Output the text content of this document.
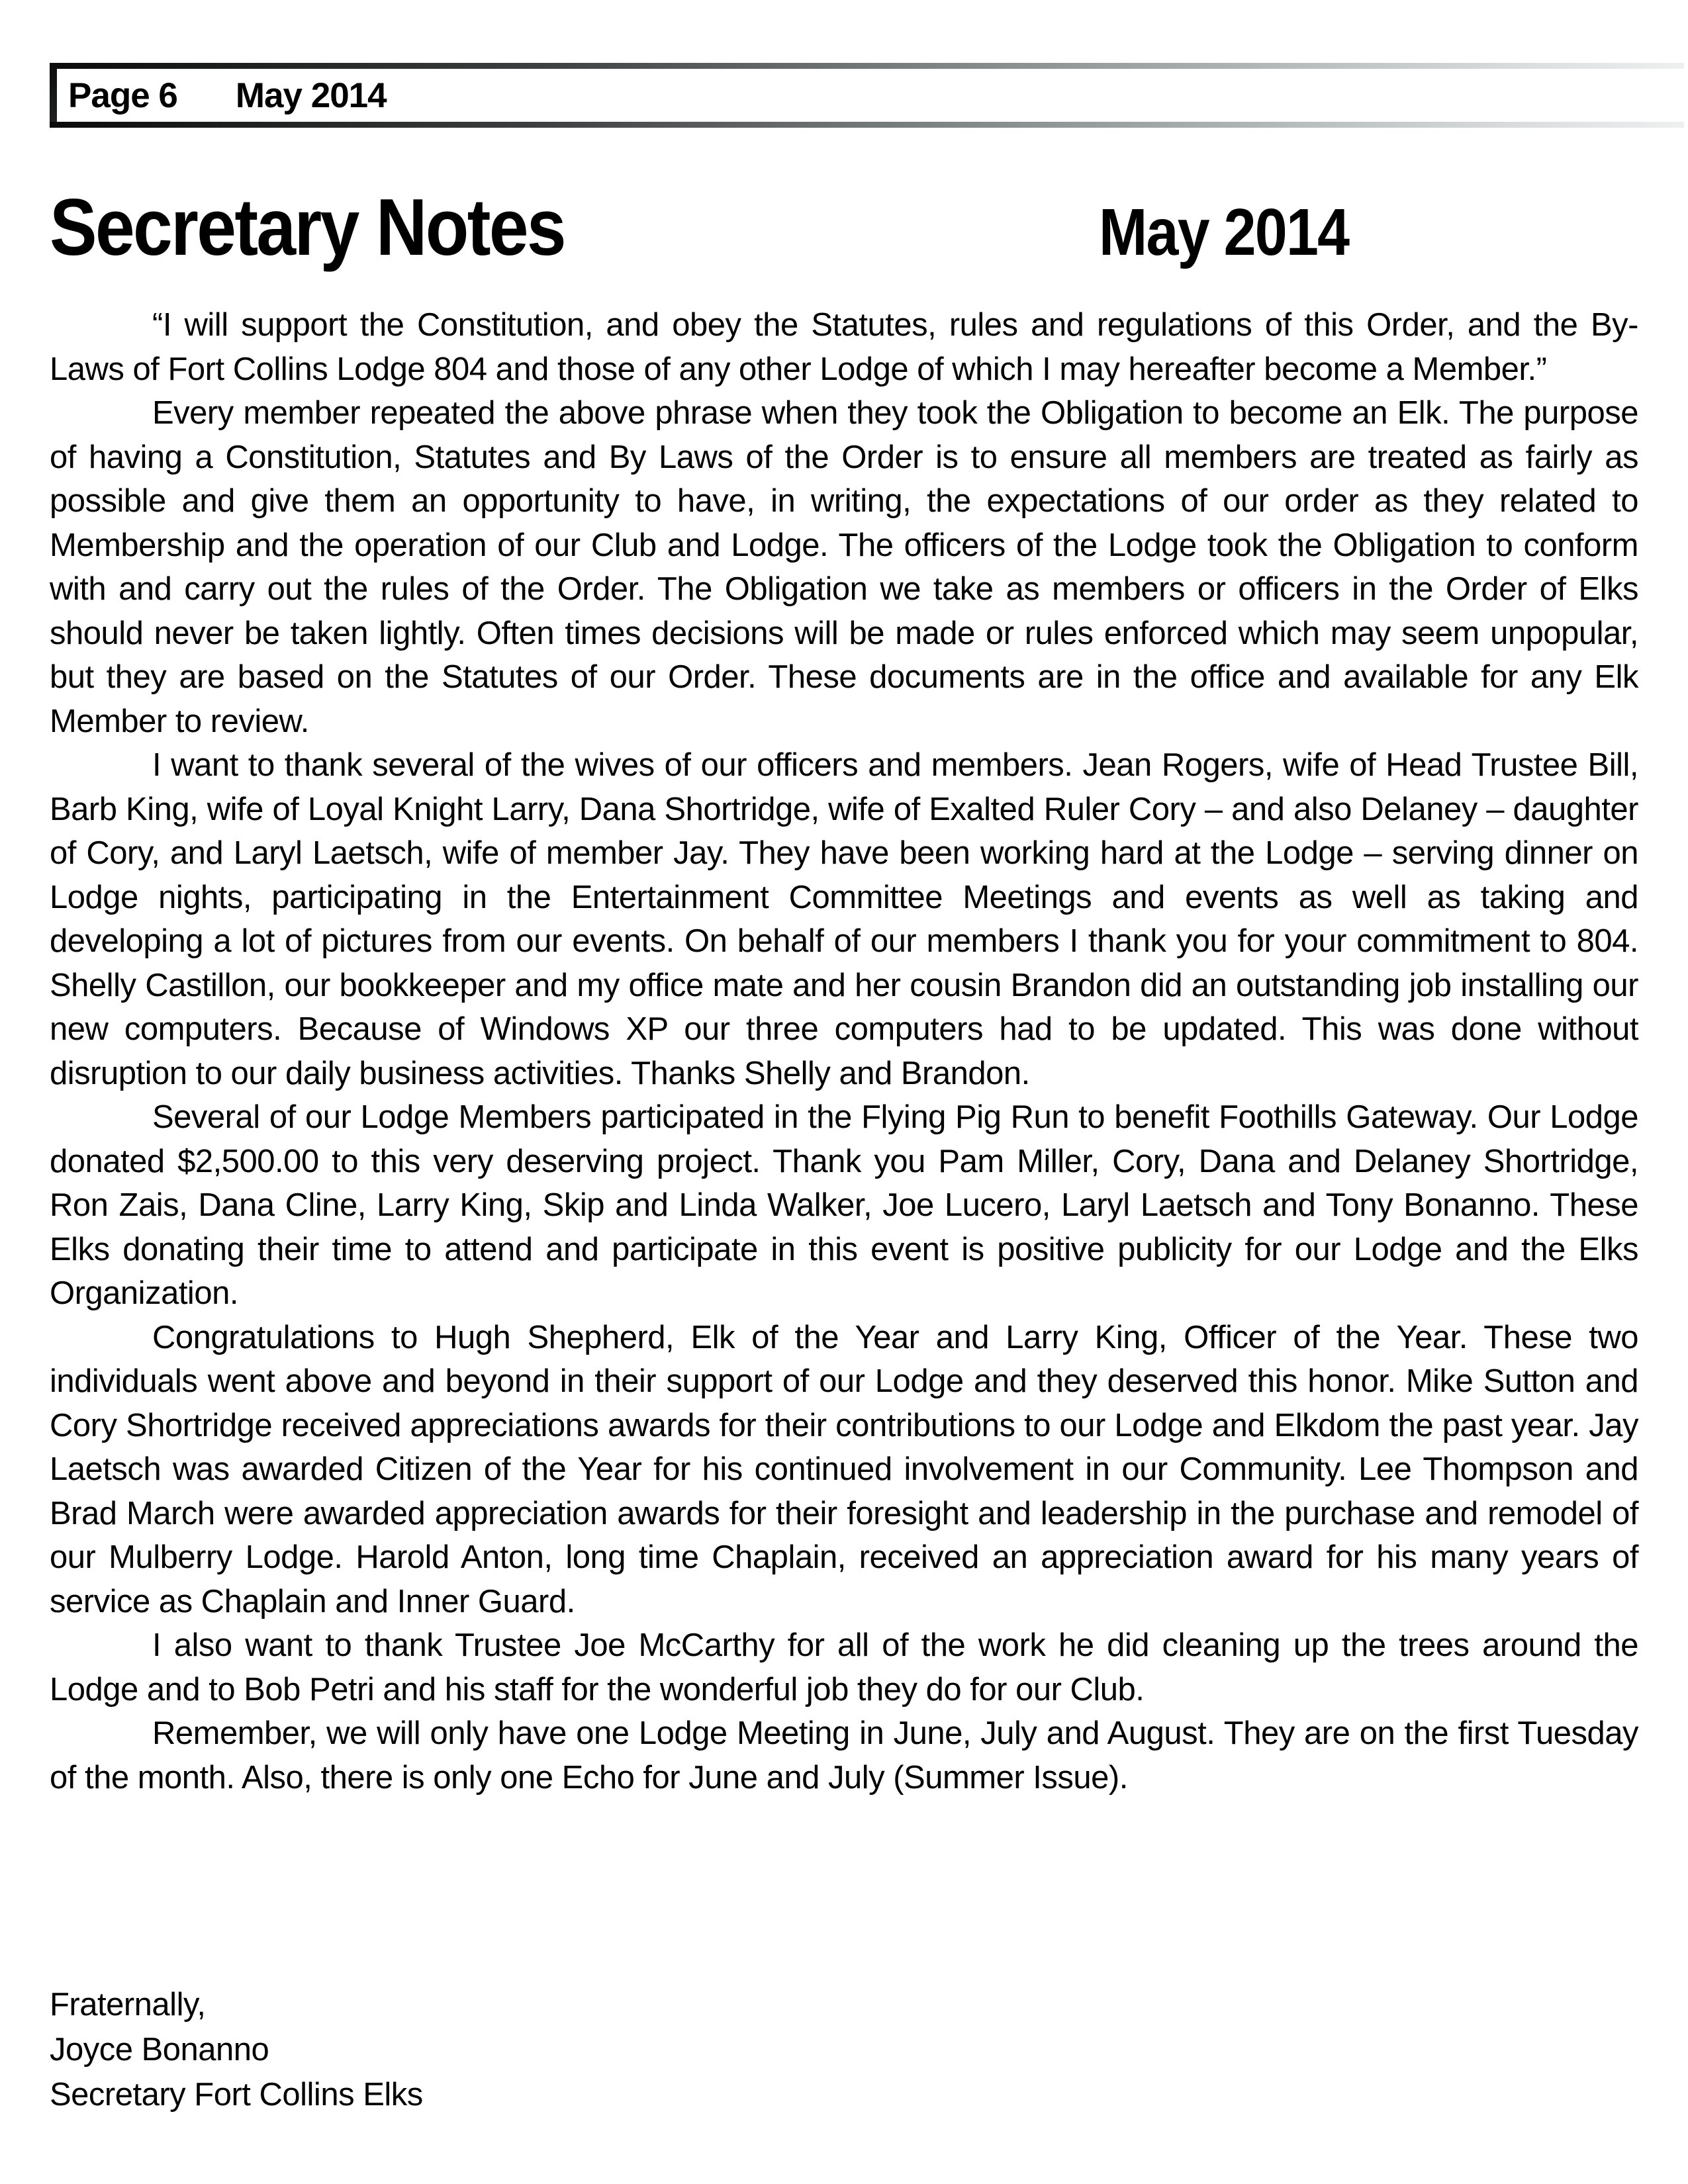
Page 6 May 2014
Secretary Notes	May 2014

“I will support the Constitution, and obey the Statutes, rules and regulations of this Order, and the By-Laws of Fort Collins Lodge 804 and those of any other Lodge of which I may hereafter become a Member.”

Every member repeated the above phrase when they took the Obligation to become an Elk. The purpose of having a Constitution, Statutes and By Laws of the Order is to ensure all members are treated as fairly as possible and give them an opportunity to have, in writing, the expectations of our order as they related to Membership and the operation of our Club and Lodge. The officers of the Lodge took the Obligation to conform with and carry out the rules of the Order. The Obligation we take as members or officers in the Order of Elks should never be taken lightly. Often times decisions will be made or rules enforced which may seem unpopular, but they are based on the Statutes of our Order. These documents are in the office and available for any Elk Member to review.

I want to thank several of the wives of our officers and members. Jean Rogers, wife of Head Trustee Bill, Barb King, wife of Loyal Knight Larry, Dana Shortridge, wife of Exalted Ruler Cory – and also Delaney – daughter of Cory, and Laryl Laetsch, wife of member Jay. They have been working hard at the Lodge – serving dinner on Lodge nights, participating in the Entertainment Committee Meetings and events as well as taking and developing a lot of pictures from our events. On behalf of our members I thank you for your commitment to 804. Shelly Castillon, our bookkeeper and my office mate and her cousin Brandon did an outstanding job installing our new computers. Because of Windows XP our three computers had to be updated. This was done without disruption to our daily business activities. Thanks Shelly and Brandon.

Several of our Lodge Members participated in the Flying Pig Run to benefit Foothills Gateway. Our Lodge donated $2,500.00 to this very deserving project. Thank you Pam Miller, Cory, Dana and Delaney Shortridge, Ron Zais, Dana Cline, Larry King, Skip and Linda Walker, Joe Lucero, Laryl Laetsch and Tony Bonanno. These Elks donating their time to attend and participate in this event is positive publicity for our Lodge and the Elks Organization.

Congratulations to Hugh Shepherd, Elk of the Year and Larry King, Officer of the Year. These two individuals went above and beyond in their support of our Lodge and they deserved this honor. Mike Sutton and Cory Shortridge received appreciations awards for their contributions to our Lodge and Elkdom the past year. Jay Laetsch was awarded Citizen of the Year for his continued involvement in our Community. Lee Thompson and Brad March were awarded appreciation awards for their foresight and leadership in the purchase and remodel of our Mulberry Lodge. Harold Anton, long time Chaplain, received an appreciation award for his many years of service as Chaplain and Inner Guard.

I also want to thank Trustee Joe McCarthy for all of the work he did cleaning up the trees around the Lodge and to Bob Petri and his staff for the wonderful job they do for our Club.

Remember, we will only have one Lodge Meeting in June, July and August. They are on the first Tuesday of the month. Also, there is only one Echo for June and July (Summer Issue).

Fraternally,
Joyce Bonanno
Secretary Fort Collins Elks
